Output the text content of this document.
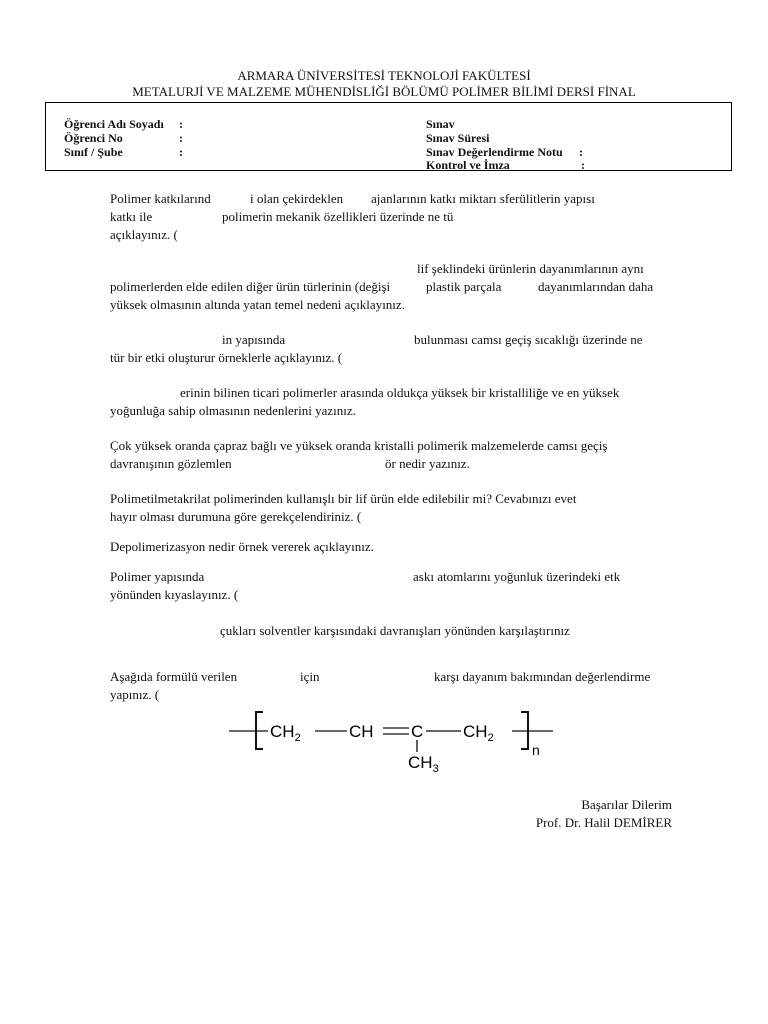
ARMARA ÜNİVERSİTESİ TEKNOLOJİ FAKÜLTESİ
METALURJİ VE MALZEME MÜHENDİSLİĞİ BÖLÜMÜ POLİMER BİLİMİ DERSİ FİNAL
Öğrenci Adı Soyadı :
Öğrenci No	:
Sınıf / Şube	:
Sınav
Sınav Süresi
Sınav Değerlendirme Notu :
Kontrol ve İmza	:
Polimer katkılarınd	i olan çekirdeklen ajanlarının katkı miktarı sferülitlerin yapısı
katkı ile	polimerin mekanik özellikleri üzerinde ne tü
açıklayınız. (
lif şeklindeki ürünlerin dayanımlarının aynı
polimerlerden elde edilen diğer ürün türlerinin (değişi	plastik parçala	dayanımlarından daha
yüksek olmasının altında yatan temel nedeni açıklayınız.
in yapısında	bulunması camsı geçiş sıcaklığı üzerinde ne
tür bir etki oluşturur örneklerle açıklayınız. (
erinin bilinen ticari polimerler arasında oldukça yüksek bir kristalliliğe ve en yüksek
yoğunluğa sahip olmasının nedenlerini yazınız.
Çok yüksek oranda çapraz bağlı ve yüksek oranda kristalli polimerik malzemelerde camsı geçiş
davranışının gözlemlen	ör nedir yazınız.
Polimetilmetakrilat polimerinden kullanışlı bir lif ürün elde edilebilir mi? Cevabınızı evet
hayır olması durumuna göre gerekçelendiriniz. (
Depolimerizasyon nedir örnek vererek açıklayınız.
Polimer yapısında	askı atomlarını yoğunluk üzerindeki etk
yönünden kıyaslayınız. (
çukları solventler karşısındaki davranışları yönünden karşılaştırınız
Aşağıda formülü verilen	için	karşı dayanım bakımından değerlendirme
yapınız. (
$CH_2$	CH C $CH_2$
$CH_3$
n
Başarılar Dilerim
Prof. Dr. Halil DEMİRER
